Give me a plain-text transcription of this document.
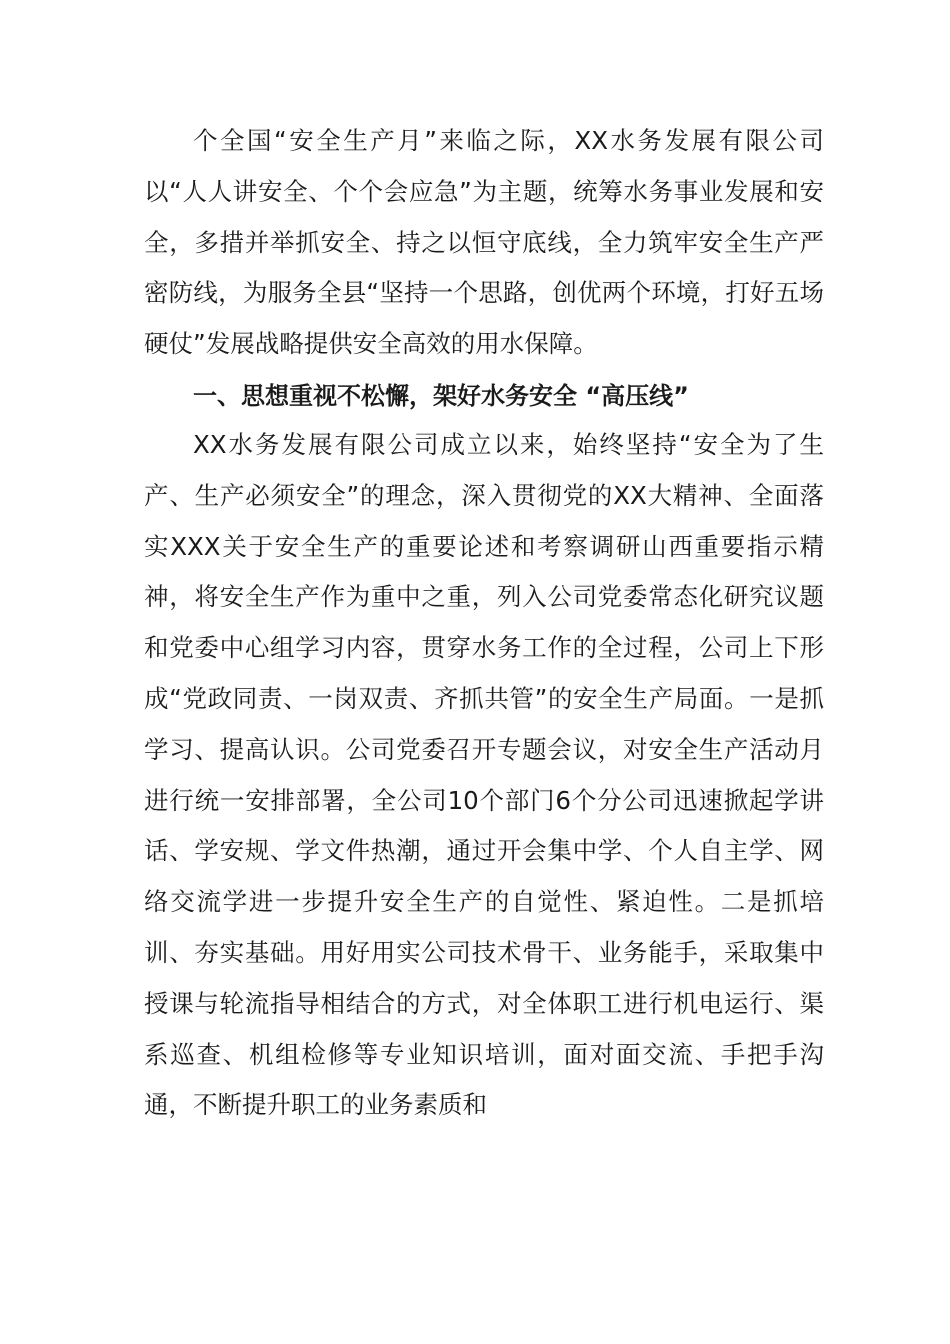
个全国“安全生产月”来临之际，XX水务发展有限公司以“人人讲安全、个个会应急”为主题，统筹水务事业发展和安全，多措并举抓安全、持之以恒守底线，全力筑牢安全生产严密防线，为服务全县“坚持一个思路，创优两个环境，打好五场硬仗”发展战略提供安全高效的用水保障。

一、思想重视不松懈，架好水务安全 “高压线”

XX水务发展有限公司成立以来，始终坚持“安全为了生产、生产必须安全”的理念，深入贯彻党的XX大精神、全面落实XXX关于安全生产的重要论述和考察调研山西重要指示精神，将安全生产作为重中之重，列入公司党委常态化研究议题和党委中心组学习内容，贯穿水务工作的全过程，公司上下形成“党政同责、一岗双责、齐抓共管”的安全生产局面。一是抓学习、提高认识。公司党委召开专题会议，对安全生产活动月进行统一安排部署，全公司10个部门6个分公司迅速掀起学讲话、学安规、学文件热潮，通过开会集中学、个人自主学、网络交流学进一步提升安全生产的自觉性、紧迫性。二是抓培训、夯实基础。用好用实公司技术骨干、业务能手，采取集中授课与轮流指导相结合的方式，对全体职工进行机电运行、渠系巡查、机组检修等专业知识培训，面对面交流、手把手沟通，不断提升职工的业务素质和
